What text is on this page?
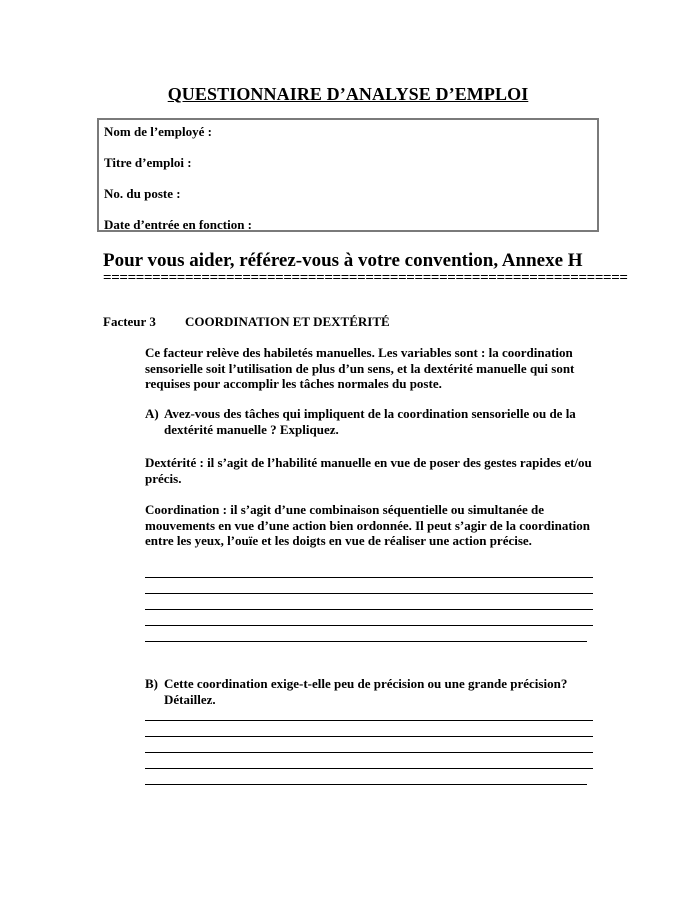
QUESTIONNAIRE D’ANALYSE D’EMPLOI
Nom de l’employé :
Titre d’emploi :
No. du poste :
Date d’entrée en fonction :
Pour vous aider, référez-vous à votre convention, Annexe H
================================================================
Facteur 3 COORDINATION ET DEXTÉRITÉ
Ce facteur relève des habiletés manuelles. Les variables sont : la coordination sensorielle soit l’utilisation de plus d’un sens, et la dextérité manuelle qui sont requises pour accomplir les tâches normales du poste.
A) Avez-vous des tâches qui impliquent de la coordination sensorielle ou de la dextérité manuelle ? Expliquez.
Dextérité : il s’agit de l’habilité manuelle en vue de poser des gestes rapides et/ou précis.
Coordination : il s’agit d’une combinaison séquentielle ou simultanée de mouvements en vue d’une action bien ordonnée. Il peut s’agir de la coordination entre les yeux, l’ouïe et les doigts en vue de réaliser une action précise.
B) Cette coordination exige-t-elle peu de précision ou une grande précision? Détaillez.
